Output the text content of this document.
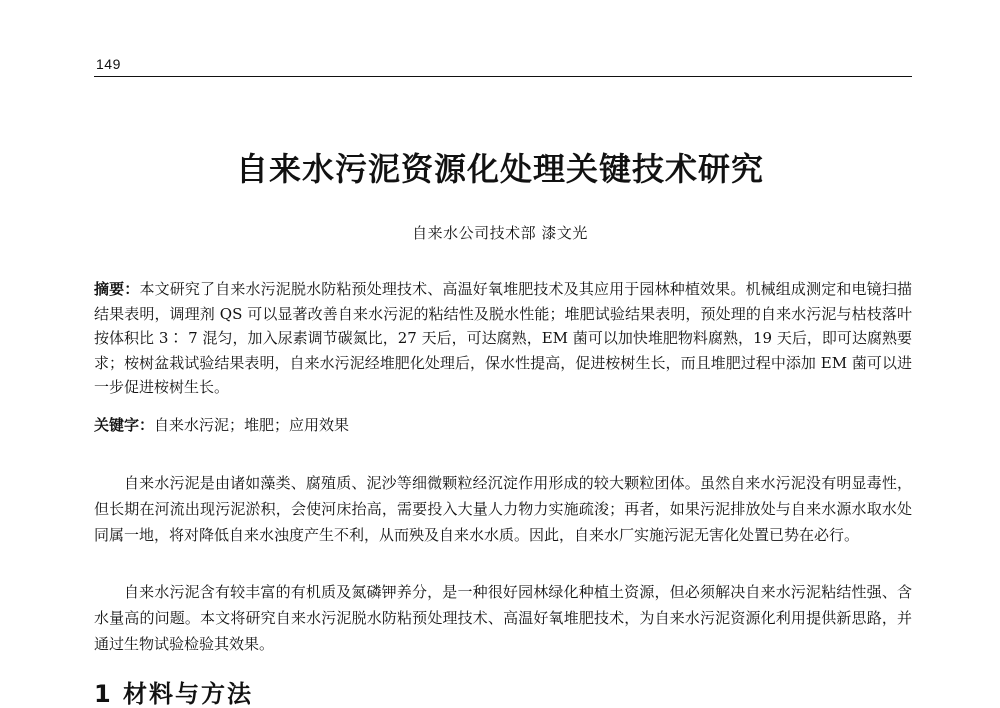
149
自来水污泥资源化处理关键技术研究
自来水公司技术部 漆文光

摘要：本文研究了自来水污泥脱水防粘预处理技术、高温好氧堆肥技术及其应用于园林种植效果。机械组成测定和电镜扫描结果表明，调理剂 QS 可以显著改善自来水污泥的粘结性及脱水性能；堆肥试验结果表明，预处理的自来水污泥与枯枝落叶按体积比 3∶ 7 混匀，加入尿素调节碳氮比，27 天后，可达腐熟，EM 菌可以加快堆肥物料腐熟，19 天后，即可达腐熟要求；桉树盆栽试验结果表明，自来水污泥经堆肥化处理后，保水性提高，促进桉树生长，而且堆肥过程中添加 EM 菌可以进一步促进桉树生长。

关键字：自来水污泥；堆肥；应用效果

自来水污泥是由诸如藻类、腐殖质、泥沙等细微颗粒经沉淀作用形成的较大颗粒团体。虽然自来水污泥没有明显毒性，但长期在河流出现污泥淤积，会使河床抬高，需要投入大量人力物力实施疏浚；再者，如果污泥排放处与自来水源水取水处同属一地，将对降低自来水浊度产生不利，从而殃及自来水水质。因此，自来水厂实施污泥无害化处置已势在必行。

自来水污泥含有较丰富的有机质及氮磷钾养分，是一种很好园林绿化种植土资源，但必须解决自来水污泥粘结性强、含水量高的问题。本文将研究自来水污泥脱水防粘预处理技术、高温好氧堆肥技术，为自来水污泥资源化利用提供新思路，并通过生物试验检验其效果。

1 材料与方法
